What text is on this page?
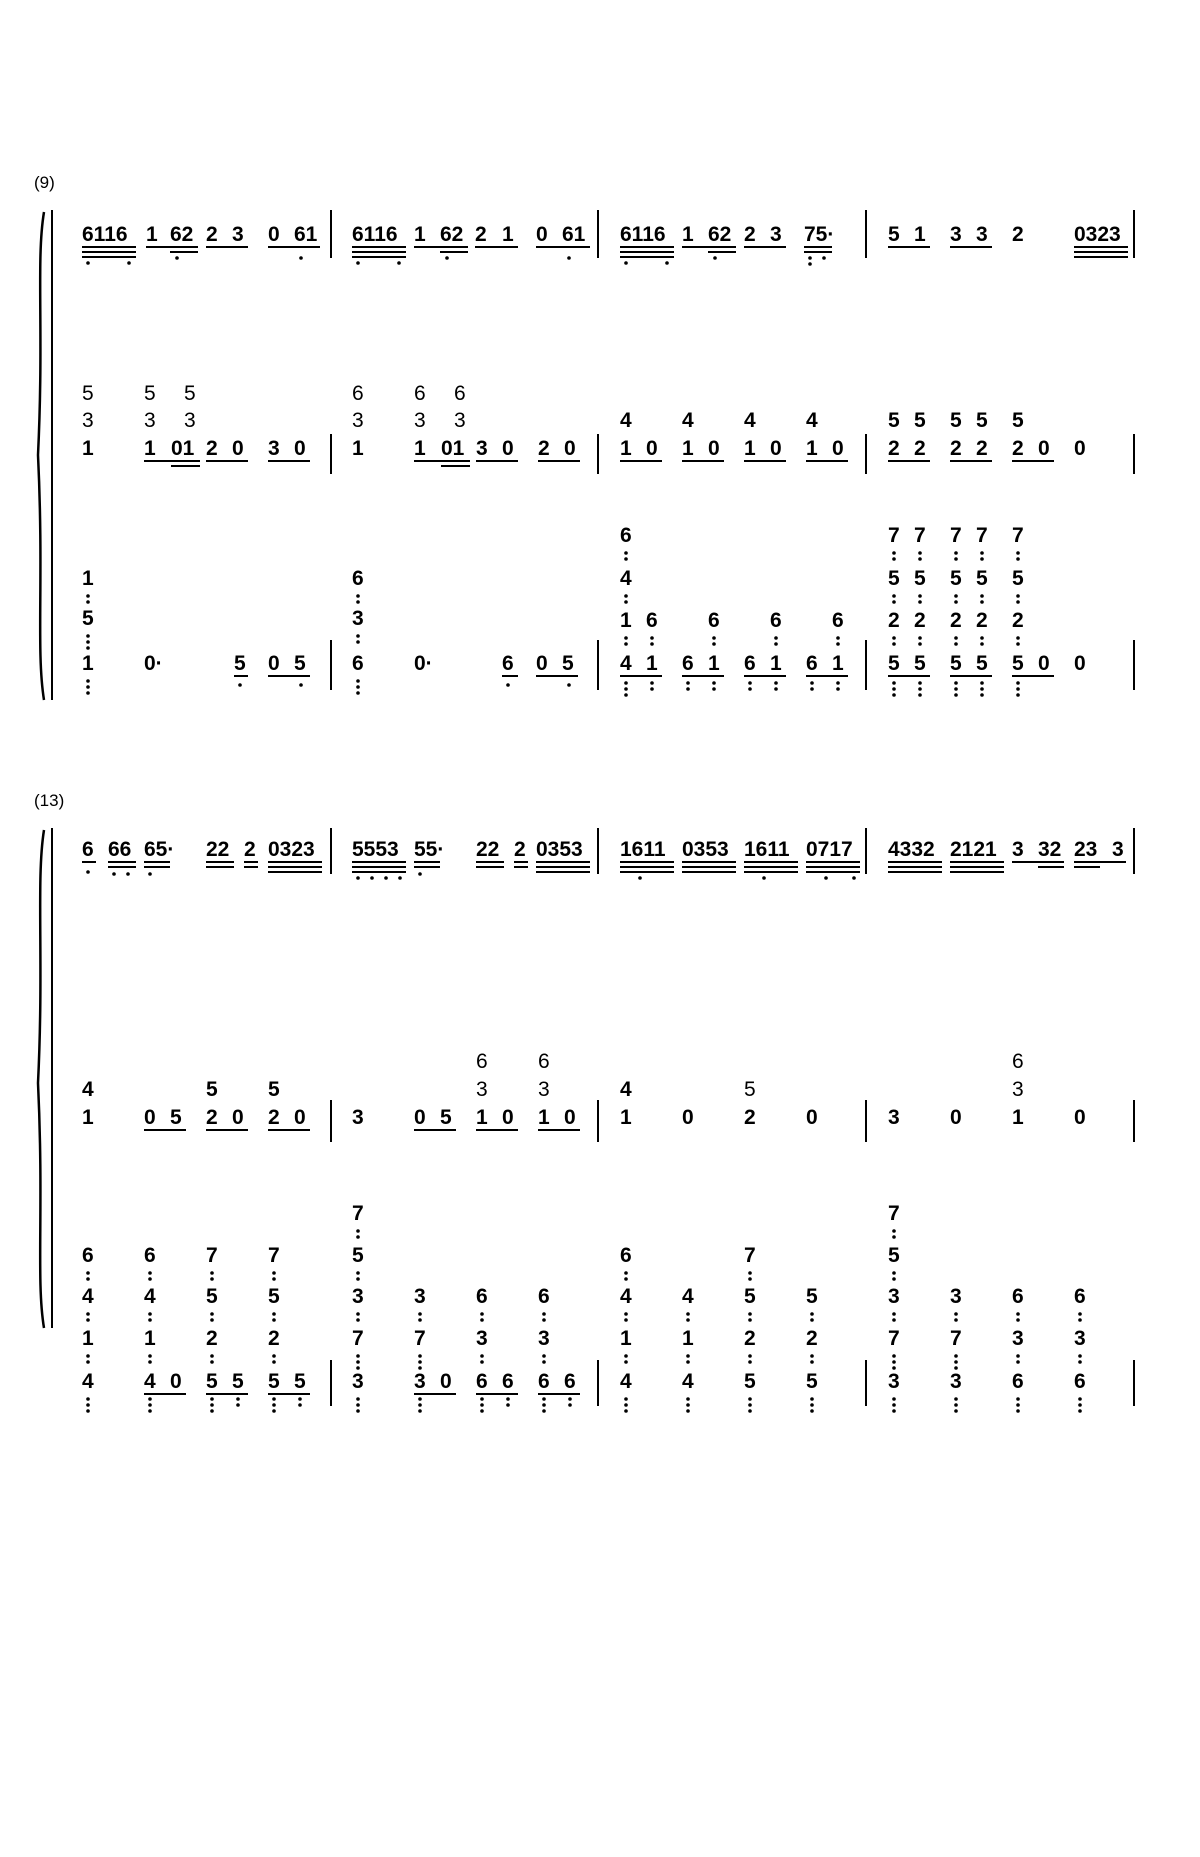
(9)
6116 1 62 2 3 0 61 6116 1 62 2 1 0 61 6116 1 62 2 3 75·	5 1 3 3 2 0323
5
3
1
5
3
1
5
3
01 2 0 3 0
6
3
1
6
3
1
6
3
01 3 0 2 0
4
1 0
4
1 0
4
1 0
4
1 0
5
2
5
2
5
2
5
2
5
2 0 0
1
5
1 0·	5 0 5
6
3
6 0·	6 0 5
6
4
1 6
4 1
6
6 1
6
6 1
6
6 1
7
5
2
5
7
5
2
5
7
5
2
5
7
5
2
5
7
5
2
5 0 0
(13)
6 66 65· 22 2 0323 5553 55· 22 2 0353 1611 0353 1611 0717 4332 2121 3 32 23 3
4
1 0 5
5
2 0
5
2 0 3 0 5
6
3
1 0
6
3
1 0
4
1 0
5
2 0	3 0
6
3
1 0
6
4
1
4
6
4
1
4 0
7
5
2
5 5
7
5
2
5 5
7
5
3
7
3
3
7
3 0
6
3
6 6
6
3
6 6
6
4
1
4
4
1
4
7
5
2
5
5
2
5
7
5
3
7
3
3
7
3
6
3
6
6
3
6
